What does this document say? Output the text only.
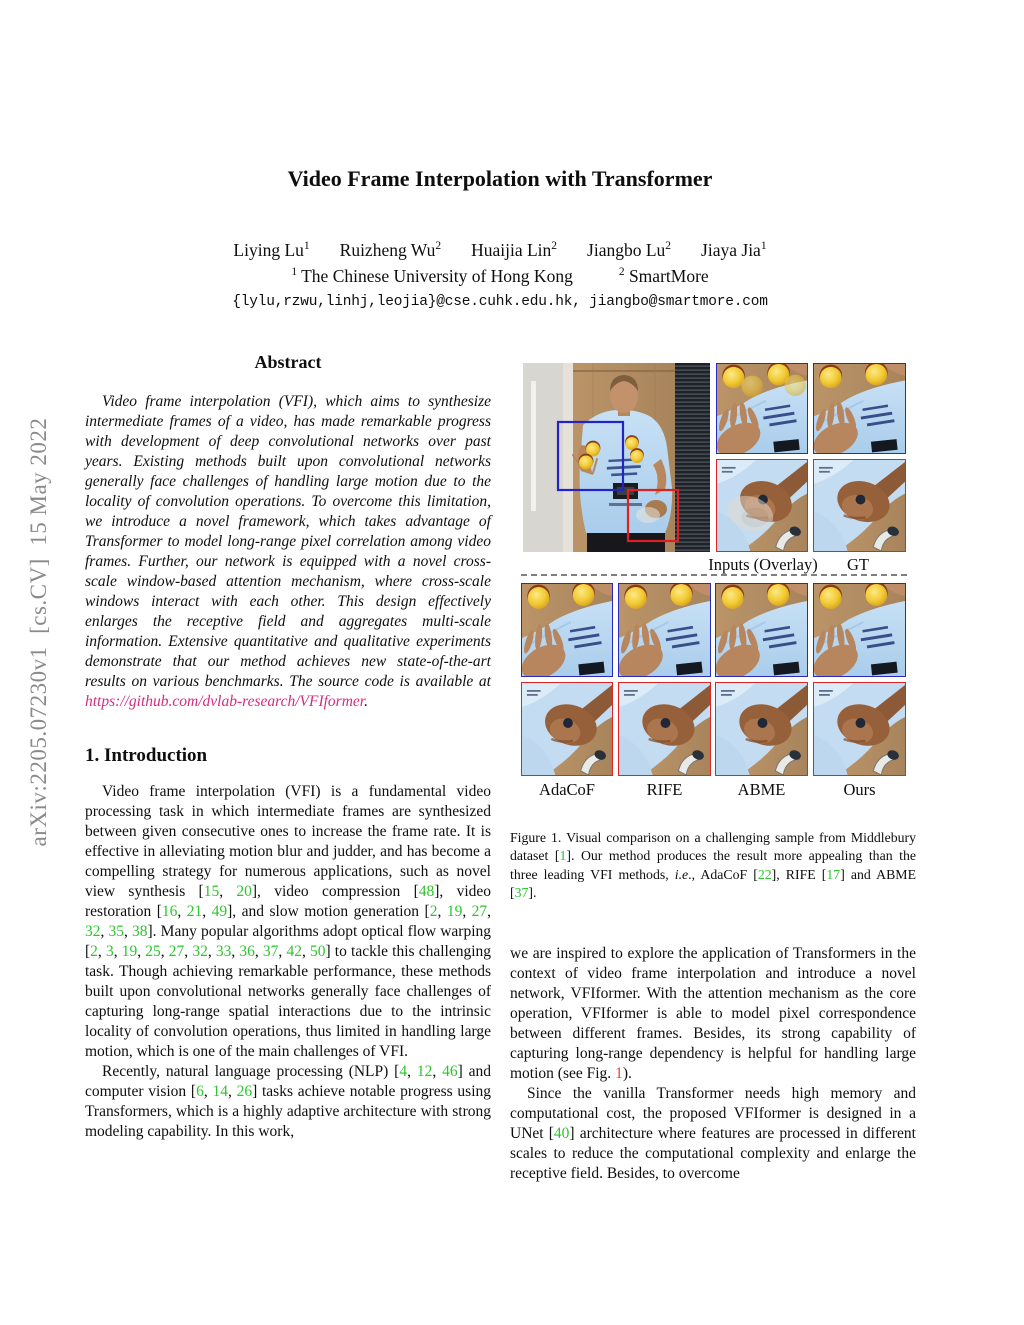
arXiv:2205.07230v1  [cs.CV]  15 May 2022
Video Frame Interpolation with Transformer
Liying Lu$^1$ Ruizheng Wu$^2$ Huaijia Lin$^2$ Jiangbo Lu$^2$ Jiaya Jia$^1$
$^1$ The Chinese University of Hong Kong	$^2$ SmartMore
{lylu,rzwu,linhj,leojia}@cse.cuhk.edu.hk, jiangbo@smartmore.com
Abstract

Video frame interpolation (VFI), which aims to synthesize intermediate frames of a video, has made remarkable progress with development of deep convolutional networks over past years. Existing methods built upon convolutional networks generally face challenges of handling large motion due to the locality of convolution operations. To overcome this limitation, we introduce a novel framework, which takes advantage of Transformer to model long-range pixel correlation among video frames. Further, our network is equipped with a novel cross-scale window-based attention mechanism, where cross-scale windows interact with each other. This design effectively enlarges the receptive field and aggregates multi-scale information. Extensive quantitative and qualitative experiments demonstrate that our method achieves new state-of-the-art results on various benchmarks. The source code is available at https://github.com/dvlab-research/VFIformer.

1. Introduction

Video frame interpolation (VFI) is a fundamental video processing task in which intermediate frames are synthesized between given consecutive ones to increase the frame rate. It is effective in alleviating motion blur and judder, and has become a compelling strategy for numerous applications, such as novel view synthesis [15, 20], video compression [48], video restoration [16, 21, 49], and slow motion generation [2, 19, 27, 32, 35, 38]. Many popular algorithms adopt optical flow warping [2, 3, 19, 25, 27, 32, 33, 36, 37, 42, 50] to tackle this challenging task. Though achieving remarkable performance, these methods built upon convolutional networks generally face challenges of capturing long-range spatial interactions due to the intrinsic locality of convolution operations, thus limited in handling large motion, which is one of the main challenges of VFI.

Recently, natural language processing (NLP) [4, 12, 46] and computer vision [6, 14, 26] tasks achieve notable progress using Transformers, which is a highly adaptive architecture with strong modeling capability. In this work,

Inputs (Overlay)	GT
AdaCoF	RIFE	ABME	Ours
Figure 1. Visual comparison on a challenging sample from Middlebury dataset [1]. Our method produces the result more appealing than the three leading VFI methods, i.e., AdaCoF [22], RIFE [17] and ABME [37].

we are inspired to explore the application of Transformers in the context of video frame interpolation and introduce a novel network, VFIformer. With the attention mechanism as the core operation, VFIformer is able to model pixel correspondence between different frames. Besides, its strong capability of capturing long-range dependency is helpful for handling large motion (see Fig. 1).

Since the vanilla Transformer needs high memory and computational cost, the proposed VFIformer is designed in a UNet [40] architecture where features are processed in different scales to reduce the computational complexity and enlarge the receptive field. Besides, to overcome
